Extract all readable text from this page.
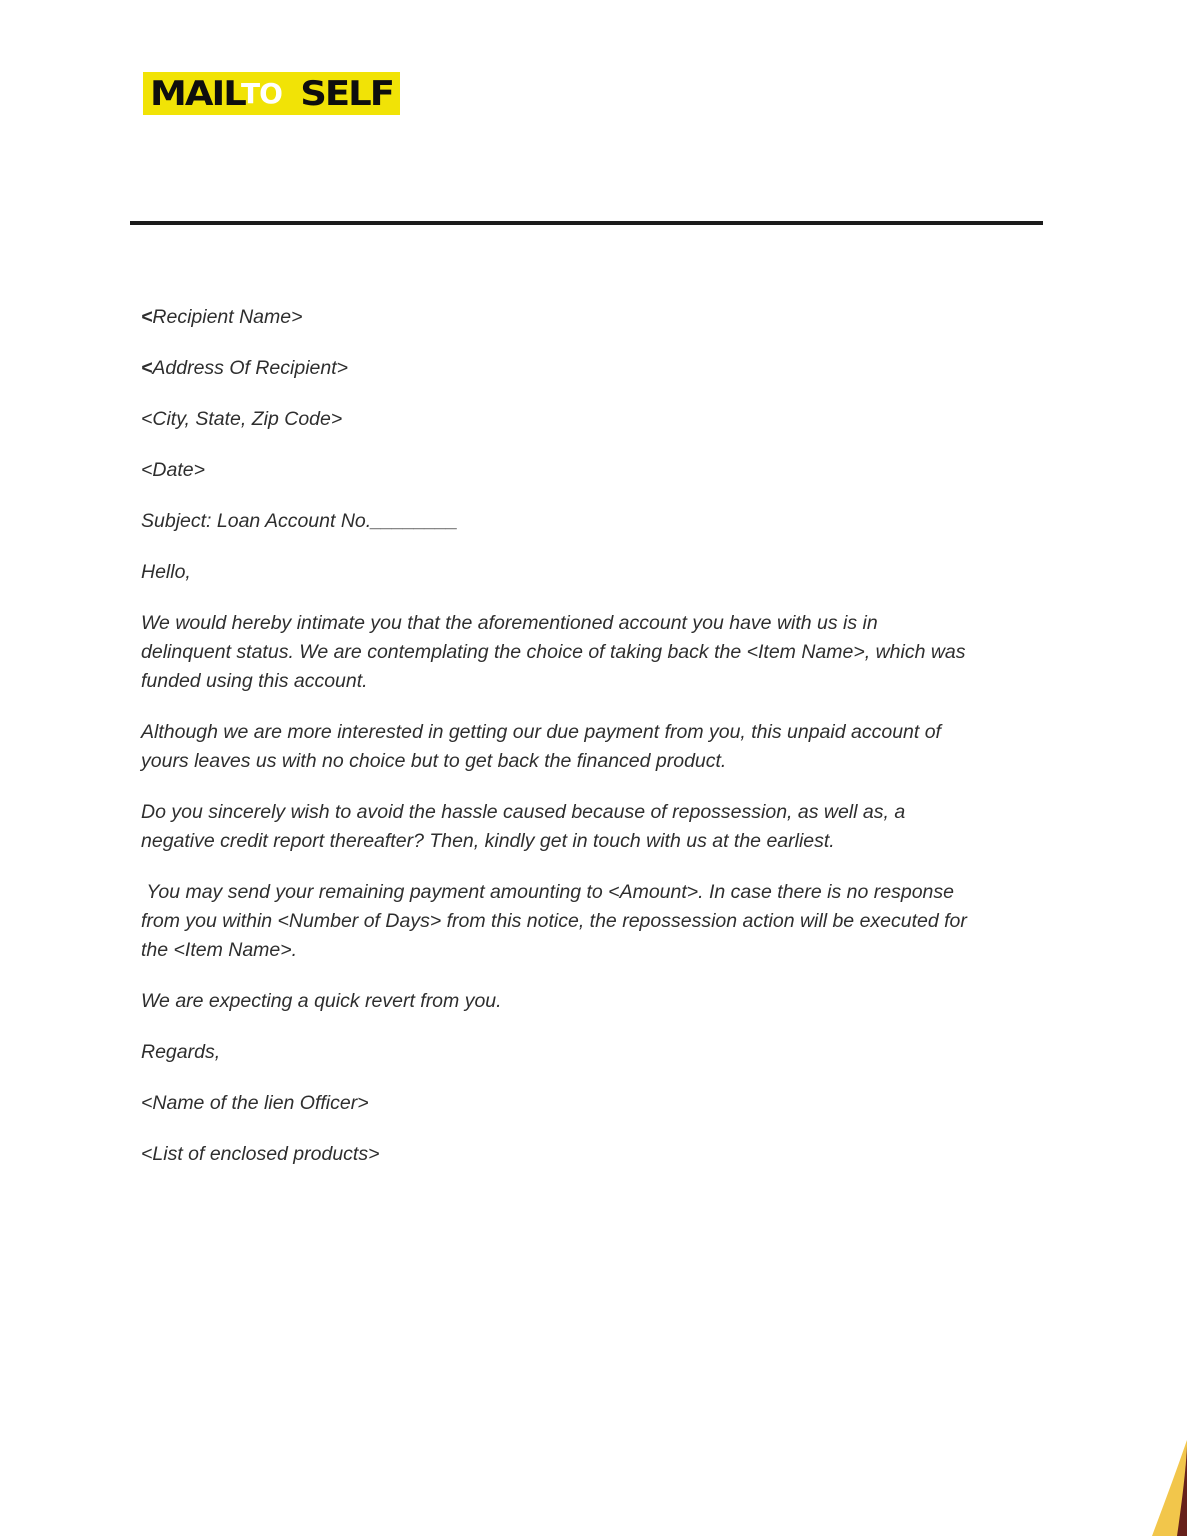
MAIL
TO SELF

<Recipient Name>

<Address Of Recipient>

<City, State, Zip Code>

<Date>

Subject: Loan Account No.________

Hello,

We would hereby intimate you that the aforementioned account you have with us is in
delinquent status. We are contemplating the choice of taking back the <Item Name>, which was
funded using this account.

Although we are more interested in getting our due payment from you, this unpaid account of
yours leaves us with no choice but to get back the financed product.

Do you sincerely wish to avoid the hassle caused because of repossession, as well as, a
negative credit report thereafter? Then, kindly get in touch with us at the earliest.

You may send your remaining payment amounting to <Amount>. In case there is no response
from you within <Number of Days> from this notice, the repossession action will be executed for
the <Item Name>.

We are expecting a quick revert from you.

Regards,

<Name of the lien Officer>

<List of enclosed products>
